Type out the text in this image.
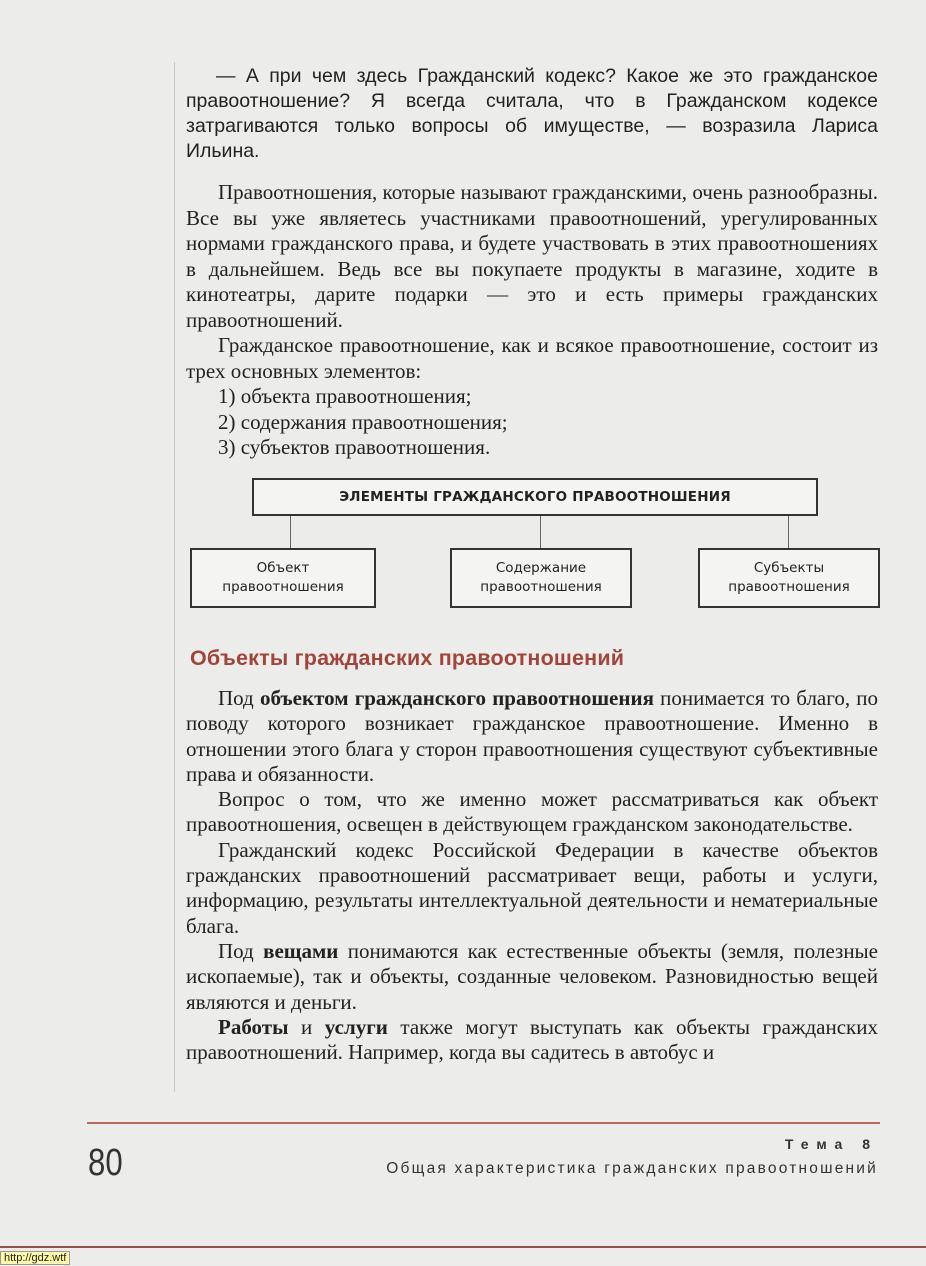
— А при чем здесь Гражданский кодекс? Какое же это гражданское правоотношение? Я всегда считала, что в Гражданском кодексе затрагиваются только вопросы об имуществе, — возразила Лариса Ильина.

Правоотношения, которые называют гражданскими, очень разнообразны. Все вы уже являетесь участниками правоотношений, урегулированных нормами гражданского права, и будете участвовать в этих правоотношениях в дальнейшем. Ведь все вы покупаете продукты в магазине, ходите в кинотеатры, дарите подарки — это и есть примеры гражданских правоотношений.

Гражданское правоотношение, как и всякое правоотношение, состоит из трех основных элементов:

1) объекта правоотношения;

2) содержания правоотношения;

3) субъектов правоотношения.

ЭЛЕМЕНТЫ ГРАЖДАНСКОГО ПРАВООТНОШЕНИЯ
Объект
правоотношения
Содержание
правоотношения
Субъекты
правоотношения
Объекты гражданских правоотношений

Под объектом гражданского правоотношения понимается то благо, по поводу которого возникает гражданское правоотношение. Именно в отношении этого блага у сторон правоотношения существуют субъективные права и обязанности.

Вопрос о том, что же именно может рассматриваться как объект правоотношения, освещен в действующем гражданском законодательстве.

Гражданский кодекс Российской Федерации в качестве объектов гражданских правоотношений рассматривает вещи, работы и услуги, информацию, результаты интеллектуальной деятельности и нематериальные блага.

Под вещами понимаются как естественные объекты (земля, полезные ископаемые), так и объекты, созданные человеком. Разновидностью вещей являются и деньги.

Работы и услуги также могут выступать как объекты гражданских правоотношений. Например, когда вы садитесь в автобус и

80	Тема 8
Общая характеристика гражданских правоотношений
http://gdz.wtf
